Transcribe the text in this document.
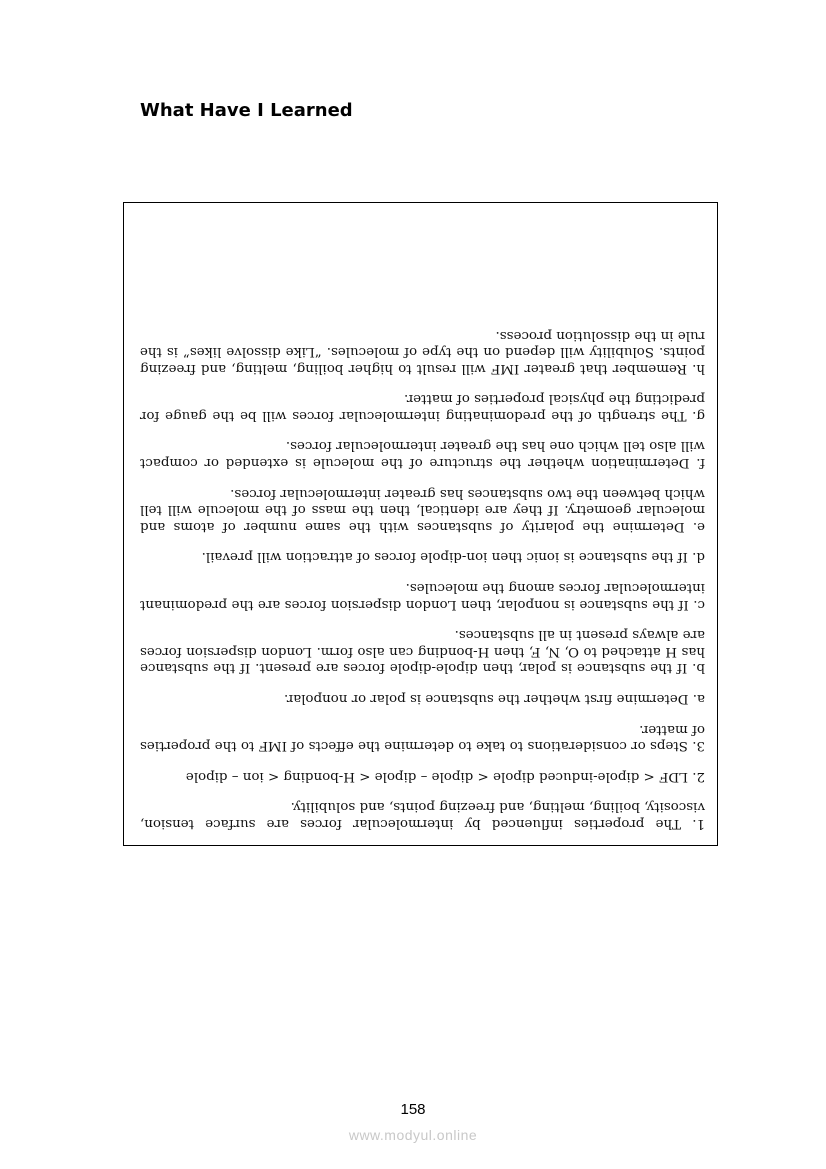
What Have I Learned

1. The properties influenced by intermolecular forces are surface tension, viscosity, boiling, melting, and freezing points, and solubility.

2. LDF < dipole-induced dipole < dipole – dipole < H-bonding < ion – dipole

3. Steps or considerations to take to determine the effects of IMF to the properties of matter.

a. Determine first whether the substance is polar or nonpolar.

b. If the substance is polar, then dipole-dipole forces are present. If the substance has H attached to O, N, F, then H-bonding can also form. London dispersion forces are always present in all substances.

c. If the substance is nonpolar, then London dispersion forces are the predominant intermolecular forces among the molecules.

d. If the substance is ionic then ion-dipole forces of attraction will prevail.

e. Determine the polarity of substances with the same number of atoms and molecular geometry. If they are identical, then the mass of the molecule will tell which between the two substances has greater intermolecular forces.

f. Determination whether the structure of the molecule is extended or compact will also tell which one has the greater intermolecular forces.

g. The strength of the predominating intermolecular forces will be the gauge for predicting the physical properties of matter.

h. Remember that greater IMF will result to higher boiling, melting, and freezing points. Solubility will depend on the type of molecules. “Like dissolve likes” is the rule in the dissolution process.

158
www.modyul.online
